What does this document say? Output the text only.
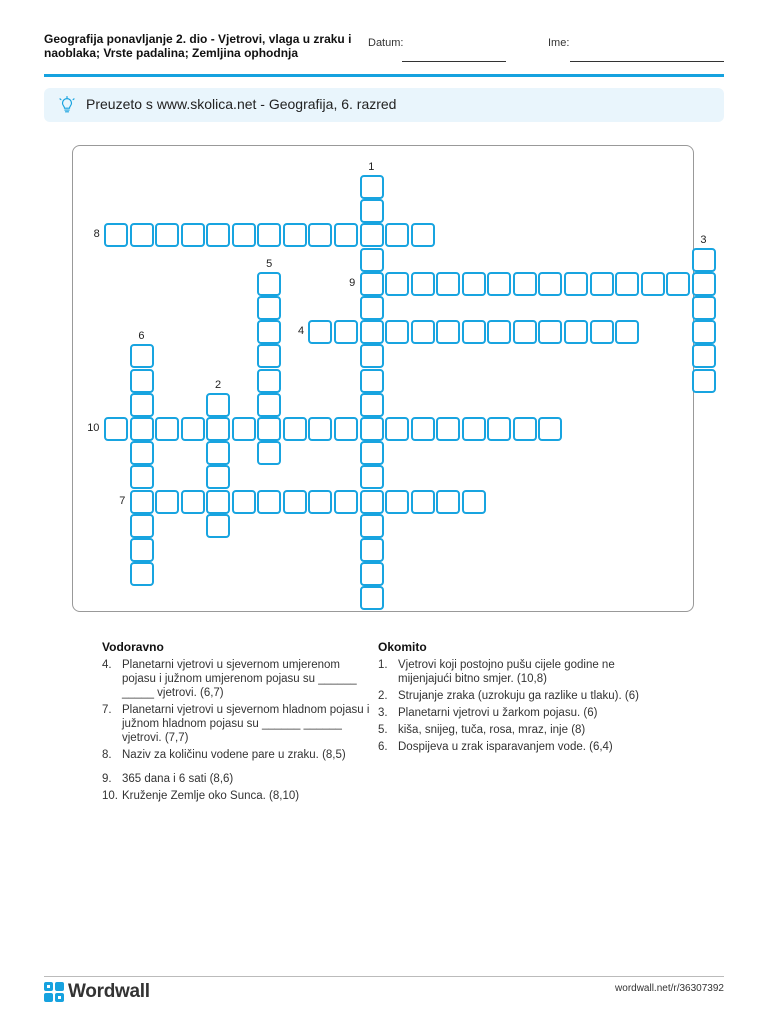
Geografija ponavljanje 2. dio - Vjetrovi, vlaga u zraku i naoblaka; Vrste padalina; Zemljina ophodnja
Datum:	Ime:
Preuzeto s www.skolica.net - Geografija, 6. razred
1
2
3
4
5
6
7
8
9
10
Vodoravno
4. Planetarni vjetrovi u sjevernom umjerenom pojasu i južnom umjerenom pojasu su ______ _____ vjetrovi. (6,7)
7. Planetarni vjetrovi u sjevernom hladnom pojasu i južnom hladnom pojasu su ______ ______ vjetrovi. (7,7)
8. Naziv za količinu vodene pare u zraku. (8,5)
9. 365 dana i 6 sati (8,6)
10. Kruženje Zemlje oko Sunca. (8,10)
Okomito
1. Vjetrovi koji postojno pušu cijele godine ne mijenjajući bitno smjer. (10,8)
2. Strujanje zraka (uzrokuju ga razlike u tlaku). (6)
3. Planetarni vjetrovi u žarkom pojasu. (6)
5. kiša, snijeg, tuča, rosa, mraz, inje (8)
6. Dospijeva u zrak isparavanjem vode. (6,4)
Wordwall	wordwall.net/r/36307392
